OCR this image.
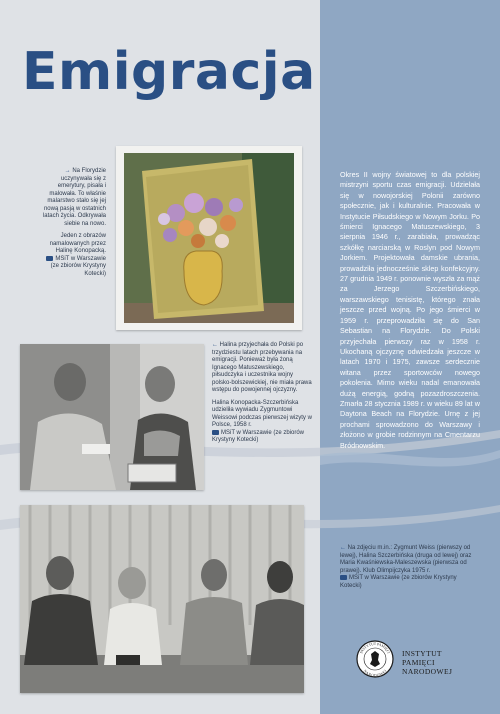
Emigracja

→ Na Florydzie uczynywała się z emerytury, pisała i malowała. To właśnie malarstwo stało się jej nową pasją w ostatnich latach życia. Odkrywała siebie na nowo.

Jeden z obrazów namalowanych przez Halinę Konopacką.
MSiT w Warszawie (ze zbiorów Krystyny Kotecki)

← Halina przyjechała do Polski po trzydziestu latach przebywania na emigracji. Ponieważ była żoną Ignacego Matuszewskiego, piłsudczyka i uczestnika wojny polsko-bolszewickiej, nie miała prawa wstępu do powojennej ojczyzny.

Halina Konopacka-Szczerbińska udzieliła wywiadu Zygmuntowi Weissowi podczas pierwszej wizyty w Polsce, 1958 r.
MSiT w Warszawie (ze zbiorów Krystyny Kotecki)

← Na zdjęciu m.in.: Zygmunt Weiss (pierwszy od lewej), Halina Szczerbińska (druga od lewej) oraz Maria Kwaśniewska-Maleszewska (pierwsza od prawej). Klub Olimpijczyka 1975 r.
MSiT w Warszawie (ze zbiorów Krystyny Kotecki)

Okres II wojny światowej to dla polskiej mistrzyni sportu czas emigracji. Udzielała się w nowojorskiej Polonii zarówno społecznie, jak i kulturalnie. Pracowała w Instytucie Piłsudskiego w Nowym Jorku. Po śmierci Ignacego Matuszewskiego, 3 sierpnia 1946 r., zarabiała, prowadząc szkółkę narciarską w Roslyn pod Nowym Jorkiem. Projektowała damskie ubrania, prowadziła jednocześnie sklep konfekcyjny. 27 grudnia 1949 r. ponownie wyszła za mąż za Jerzego Szczerbińskiego, warszawskiego tenisistę, którego znała jeszcze przed wojną. Po jego śmierci w 1959 r. przeprowadziła się do San Sebastian na Florydzie. Do Polski przyjechała pierwszy raz w 1958 r. Ukochaną ojczyznę odwiedzała jeszcze w latach 1970 i 1975, zawsze serdecznie witana przez sportowców nowego pokolenia. Mimo wieku nadal emanowała dużą energią, godną pozazdroszczenia. Zmarła 28 stycznia 1989 r. w wieku 89 lat w Daytona Beach na Florydzie. Urnę z jej prochami sprowadzono do Warszawy i złożono w grobie rodzinnym na Cmentarzu Bródnowskim.
INSTYTUT PAMIĘCI
NARODOWEJ
INSTYTUT
PAMIĘCI
NARODOWEJ
